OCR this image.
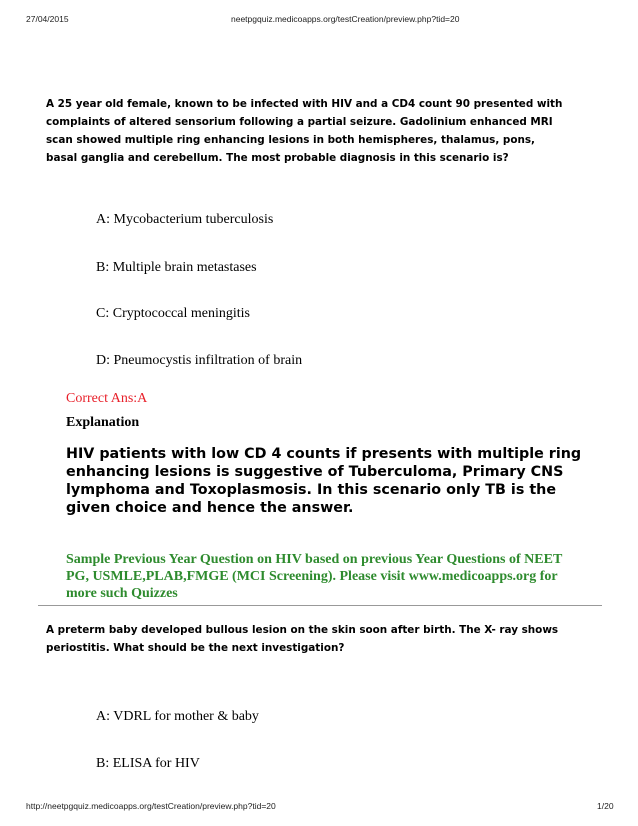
27/04/2015	neetpgquiz.medicoapps.org/testCreation/preview.php?tid=20
A 25 year old female, known to be infected with HIV and a CD4 count 90 presented with complaints of altered sensorium following a partial seizure. Gadolinium enhanced MRI scan showed multiple ring enhancing lesions in both hemispheres, thalamus, pons, basal ganglia and cerebellum. The most probable diagnosis in this scenario is?
A: Mycobacterium tuberculosis
B: Multiple brain metastases
C: Cryptococcal meningitis
D: Pneumocystis infiltration of brain
Correct Ans:A
Explanation
HIV patients with low CD 4 counts if presents with multiple ring enhancing lesions is suggestive of Tuberculoma, Primary CNS lymphoma and Toxoplasmosis. In this scenario only TB is the given choice and hence the answer.
Sample Previous Year Question on HIV based on previous Year Questions of NEET PG, USMLE,PLAB,FMGE (MCI Screening). Please visit www.medicoapps.org for more such Quizzes
A preterm baby developed bullous lesion on the skin soon after birth. The X- ray shows periostitis. What should be the next investigation?
A: VDRL for mother & baby
B: ELISA for HIV
http://neetpgquiz.medicoapps.org/testCreation/preview.php?tid=20	1/20
